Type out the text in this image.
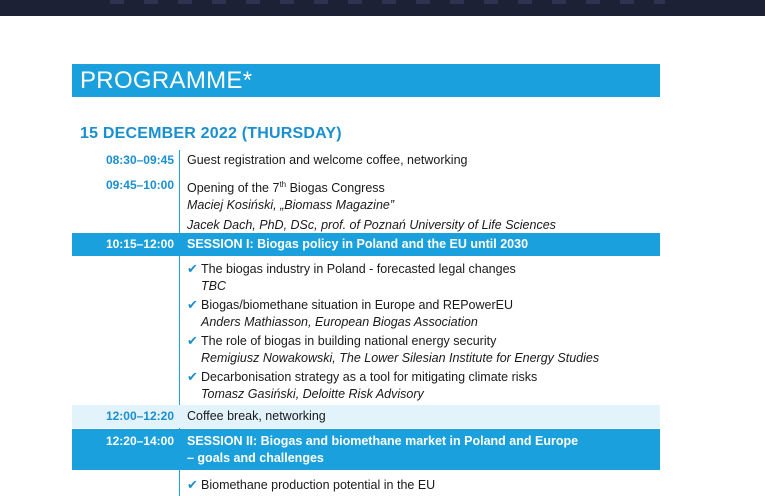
PROGRAMME*
15 DECEMBER 2022 (THURSDAY)
08:30–09:45 Guest registration and welcome coffee, networking
09:45–10:00 Opening of the 7th Biogas Congress
Maciej Kosiński, „Biomass Magazine”
Jacek Dach, PhD, DSc, prof. of Poznań University of Life Sciences
10:15–12:00 SESSION I: Biogas policy in Poland and the EU until 2030
✔ The biogas industry in Poland - forecasted legal changes
TBC
✔ Biogas/biomethane situation in Europe and REPowerEU
Anders Mathiasson, European Biogas Association
✔ The role of biogas in building national energy security
Remigiusz Nowakowski, The Lower Silesian Institute for Energy Studies
✔ Decarbonisation strategy as a tool for mitigating climate risks
Tomasz Gasiński, Deloitte Risk Advisory
12:00–12:20 Coffee break, networking
12:20–14:00 SESSION II: Biogas and biomethane market in Poland and Europe
– goals and challenges
✔ Biomethane production potential in the EU
